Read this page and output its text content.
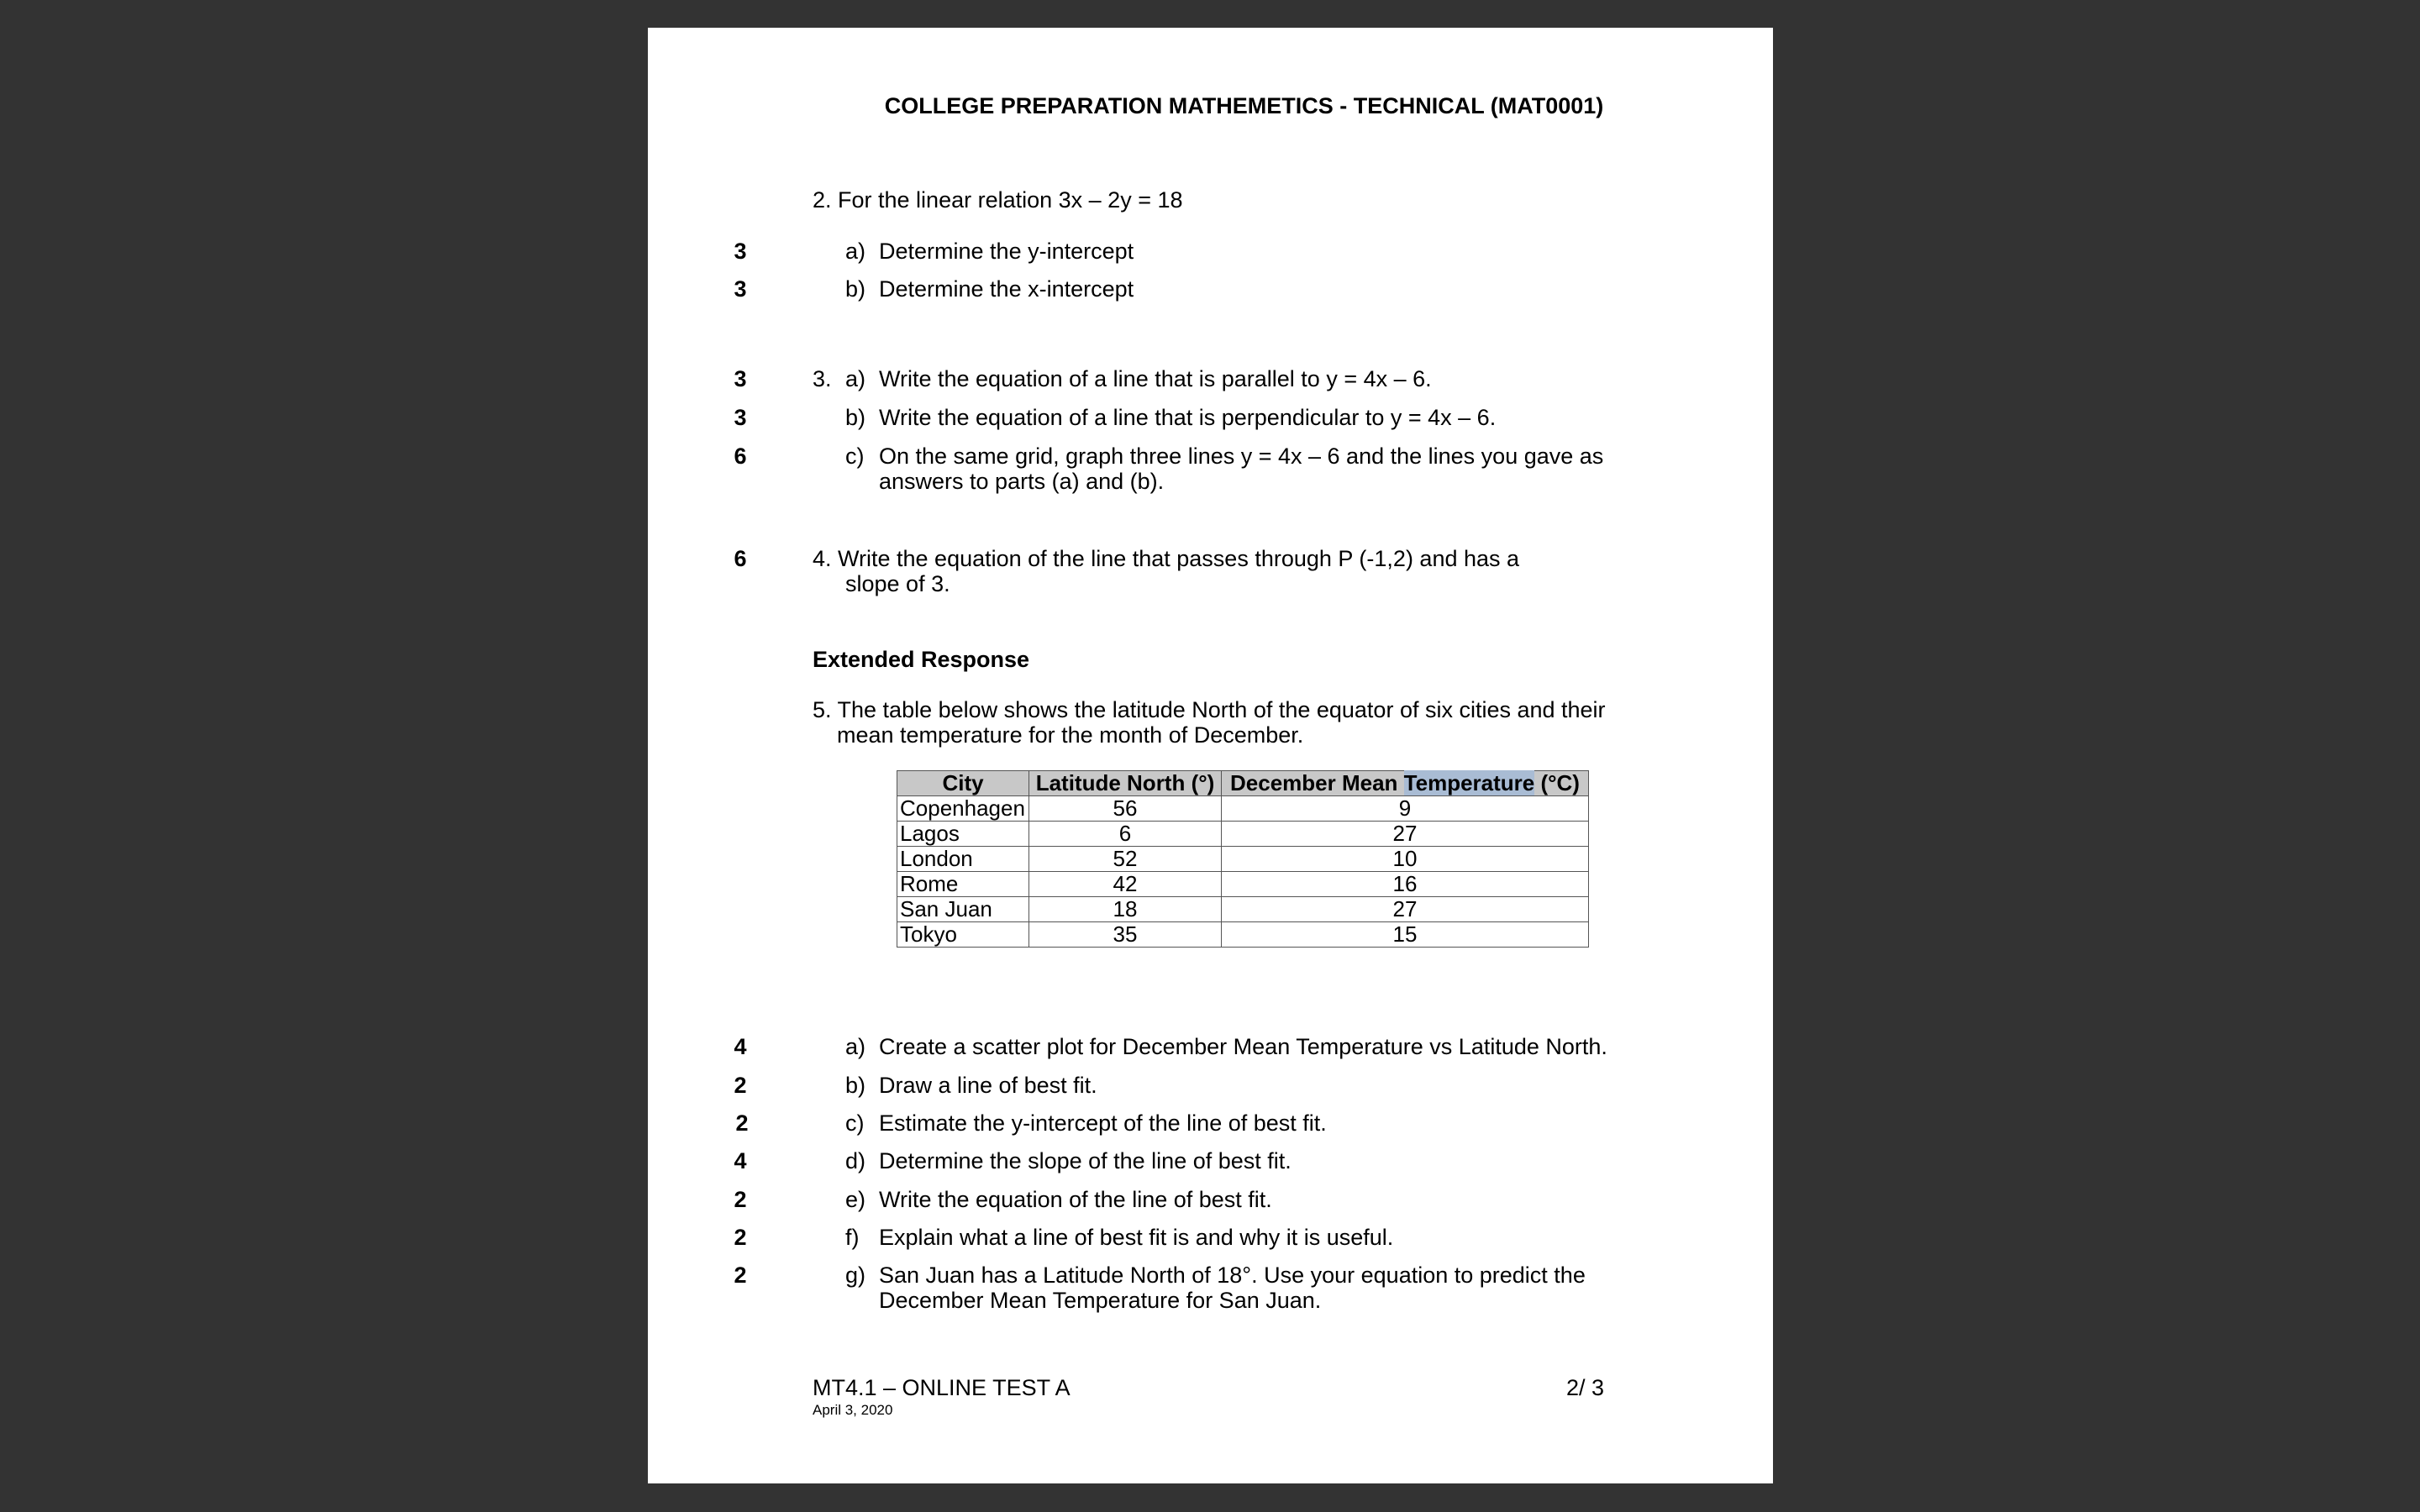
COLLEGE PREPARATION MATHEMETICS - TECHNICAL (MAT0001)
2. For the linear relation 3x – 2y = 18
3	a) Determine the y-intercept
3	b) Determine the x-intercept
3	3. a) Write the equation of a line that is parallel to y = 4x – 6.
3	b) Write the equation of a line that is perpendicular to y = 4x – 6.
6	c) On the same grid, graph three lines y = 4x – 6 and the lines you gave as
answers to parts (a) and (b).
6	4. Write the equation of the line that passes through P (-1,2) and has a
slope of 3.
Extended Response
5. The table below shows the latitude North of the equator of six cities and their
mean temperature for the month of December.
City	Latitude North (°)	December Mean Temperature (°C)
Copenhagen	56	9
Lagos	6	27
London	52	10
Rome	42	16
San Juan	18	27
Tokyo	35	15
4	a) Create a scatter plot for December Mean Temperature vs Latitude North.
2	b) Draw a line of best fit.
2	c) Estimate the y-intercept of the line of best fit.
4	d) Determine the slope of the line of best fit.
2	e) Write the equation of the line of best fit.
2	f) Explain what a line of best fit is and why it is useful.
2	g) San Juan has a Latitude North of 18°. Use your equation to predict the
December Mean Temperature for San Juan.
MT4.1 – ONLINE TEST A
April 3, 2020
2/ 3
